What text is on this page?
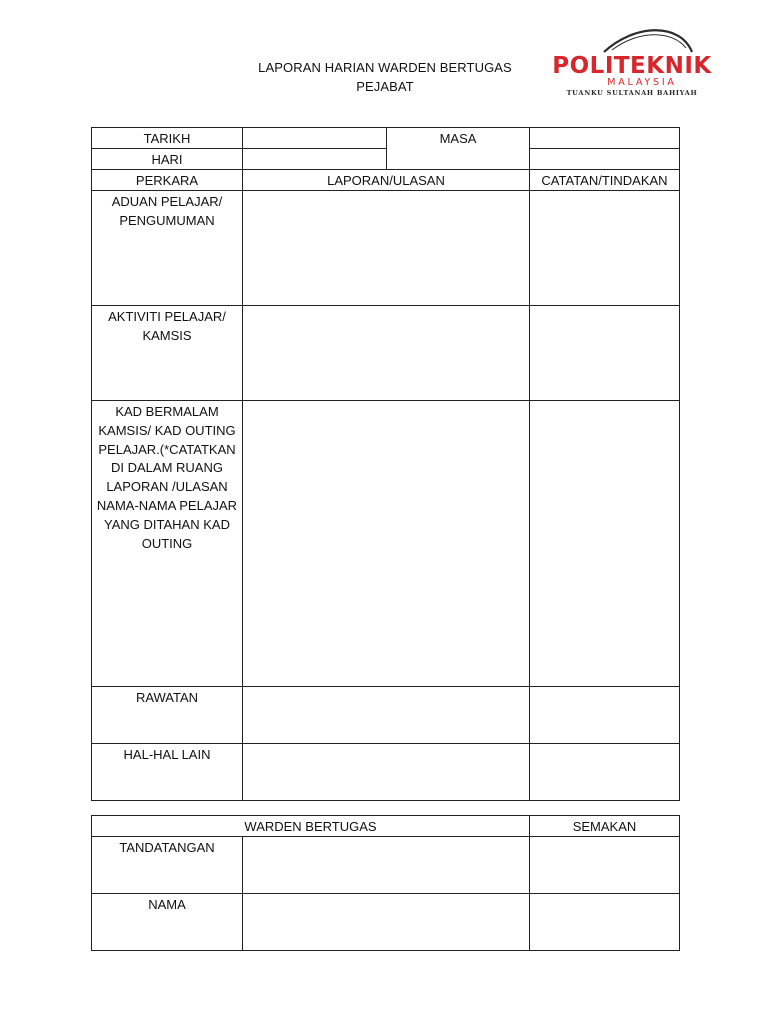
LAPORAN HARIAN WARDEN BERTUGAS
PEJABAT
POLITEKNIK
MALAYSIA
TUANKU SULTANAH BAHIYAH
TARIKH		MASA	
HARI			
PERKARA	LAPORAN/ULASAN		CATATAN/TINDAKAN
ADUAN PELAJAR/ PENGUMUMAN			
AKTIVITI PELAJAR/ KAMSIS			
KAD BERMALAM KAMSIS/ KAD OUTING PELAJAR.(*CATATKAN DI DALAM RUANG LAPORAN /ULASAN NAMA-NAMA PELAJAR YANG DITAHAN KAD OUTING			
RAWATAN			
HAL-HAL LAIN			
WARDEN BERTUGAS		SEMAKAN
TANDATANGAN		
NAMA		
